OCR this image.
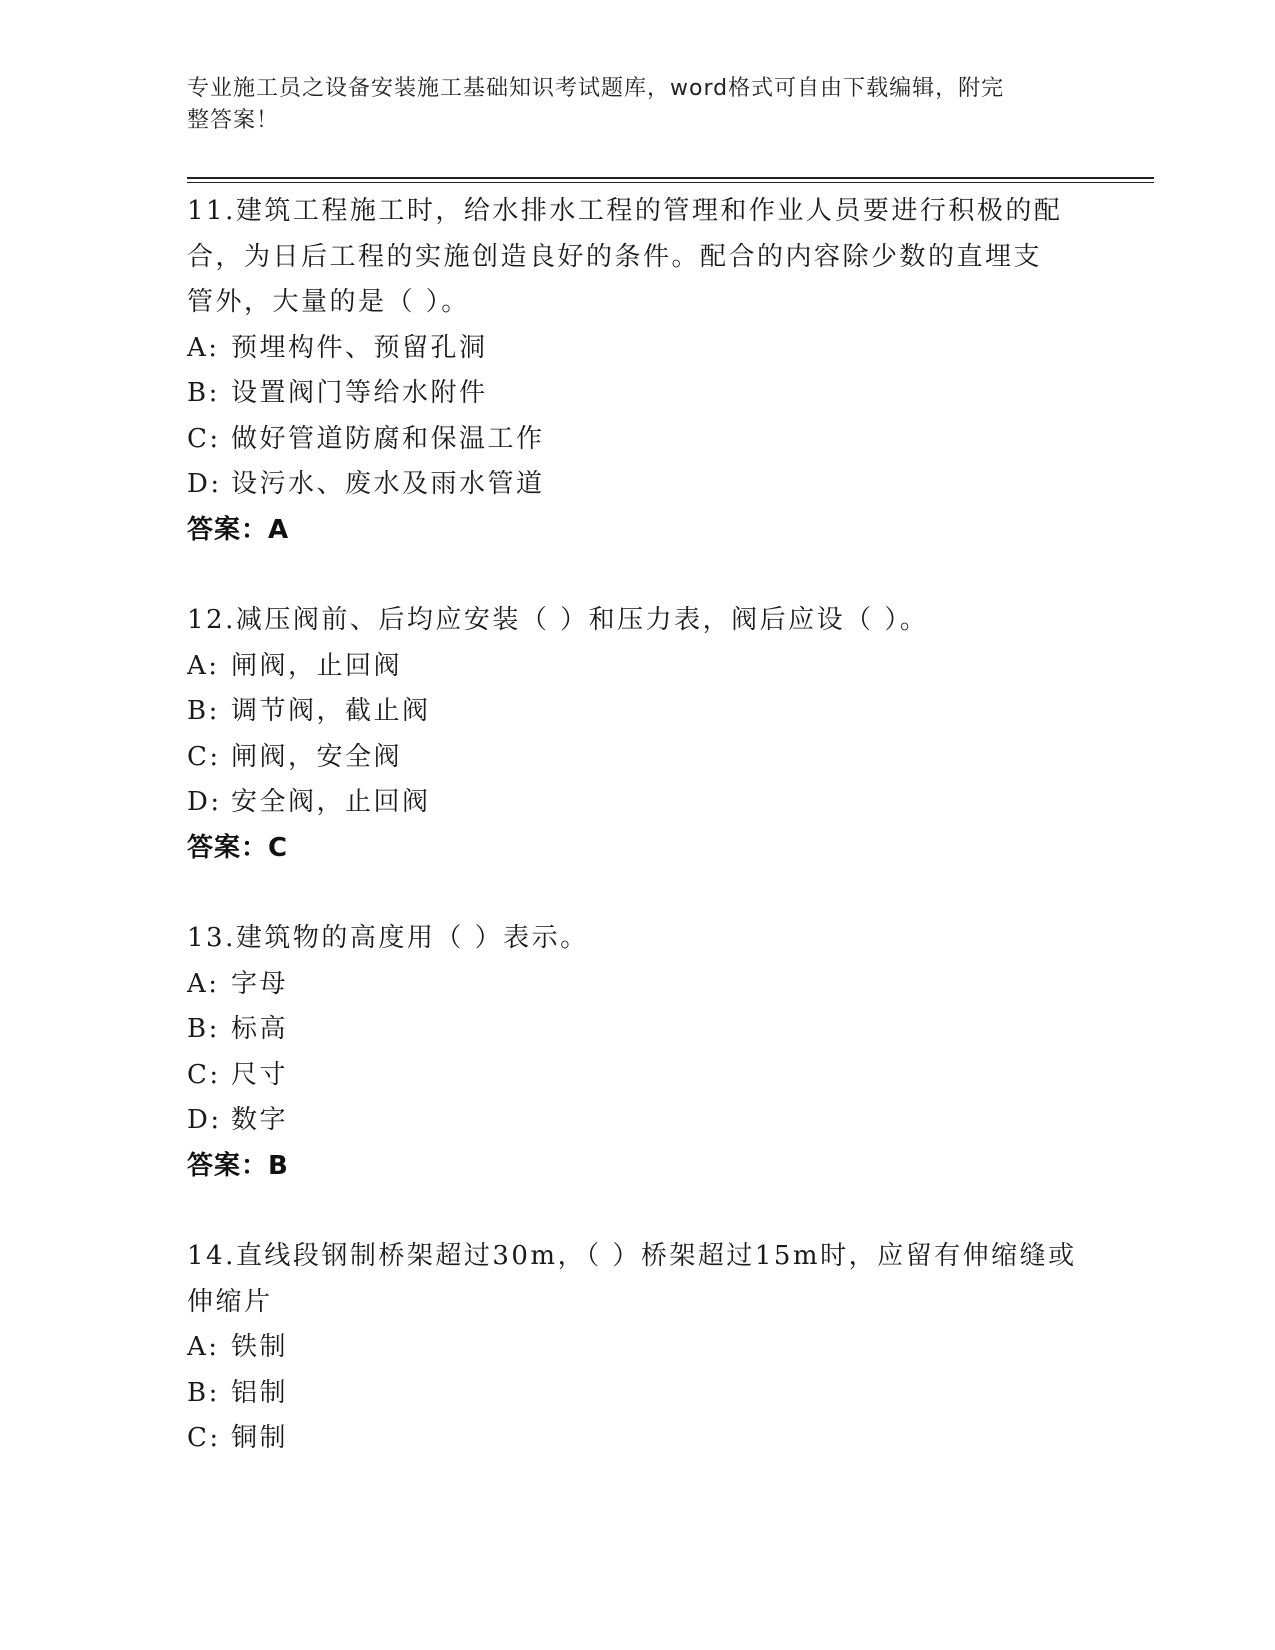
专业施工员之设备安装施工基础知识考试题库，word格式可自由下载编辑，附完
整答案！
11.建筑工程施工时，给水排水工程的管理和作业人员要进行积极的配
合，为日后工程的实施创造良好的条件。配合的内容除少数的直埋支
管外，大量的是（ ）。
A: 预埋构件、预留孔洞
B: 设置阀门等给水附件
C: 做好管道防腐和保温工作
D: 设污水、废水及雨水管道
答案：A
12.减压阀前、后均应安装（ ）和压力表，阀后应设（ ）。
A: 闸阀，止回阀
B: 调节阀，截止阀
C: 闸阀，安全阀
D: 安全阀，止回阀
答案：C
13.建筑物的高度用（ ）表示。
A: 字母
B: 标高
C: 尺寸
D: 数字
答案：B
14.直线段钢制桥架超过30m，（ ）桥架超过15m时，应留有伸缩缝或
伸缩片
A: 铁制
B: 铝制
C: 铜制
